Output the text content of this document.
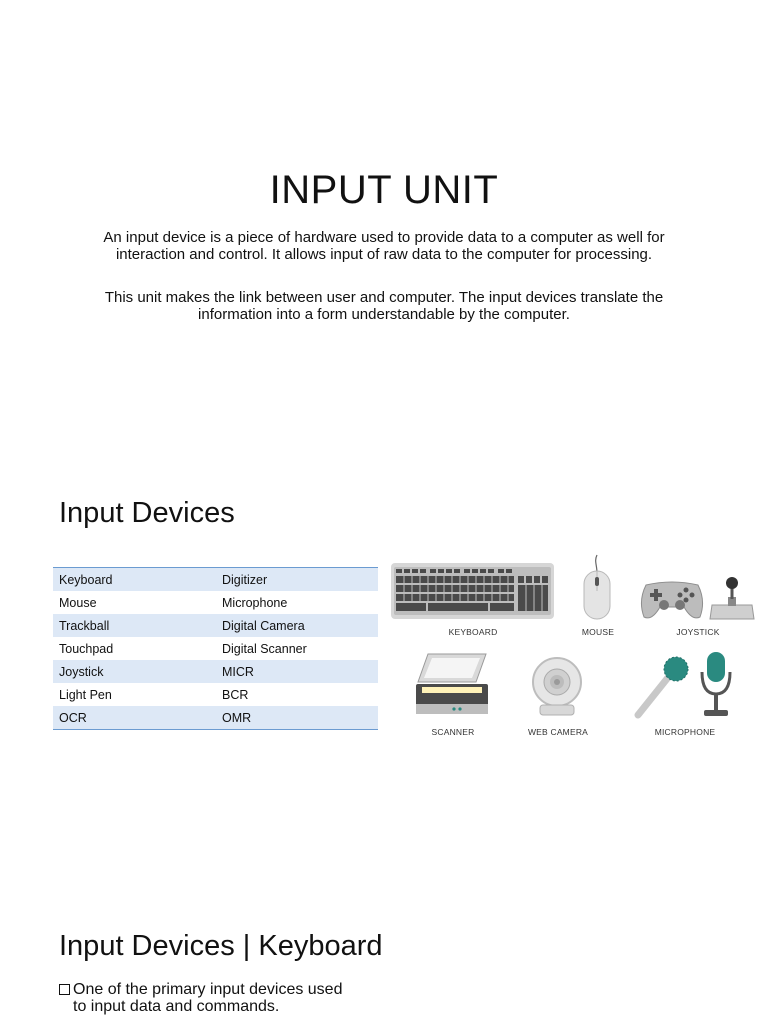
INPUT UNIT
An input device is a piece of hardware used to provide data to a computer as well for interaction and control. It allows input of raw data to the computer for processing.
This unit makes the link between user and computer. The input devices translate the information into a form understandable by the computer.
Input Devices
Keyboard	Digitizer
Mouse	Microphone
Trackball	Digital Camera
Touchpad	Digital Scanner
Joystick	MICR
Light Pen	BCR
OCR	OMR
KEYBOARD	MOUSE	JOYSTICK
SCANNER	WEB CAMERA	MICROPHONE
Input Devices | Keyboard
One of the primary input devices used
to input data and commands.
